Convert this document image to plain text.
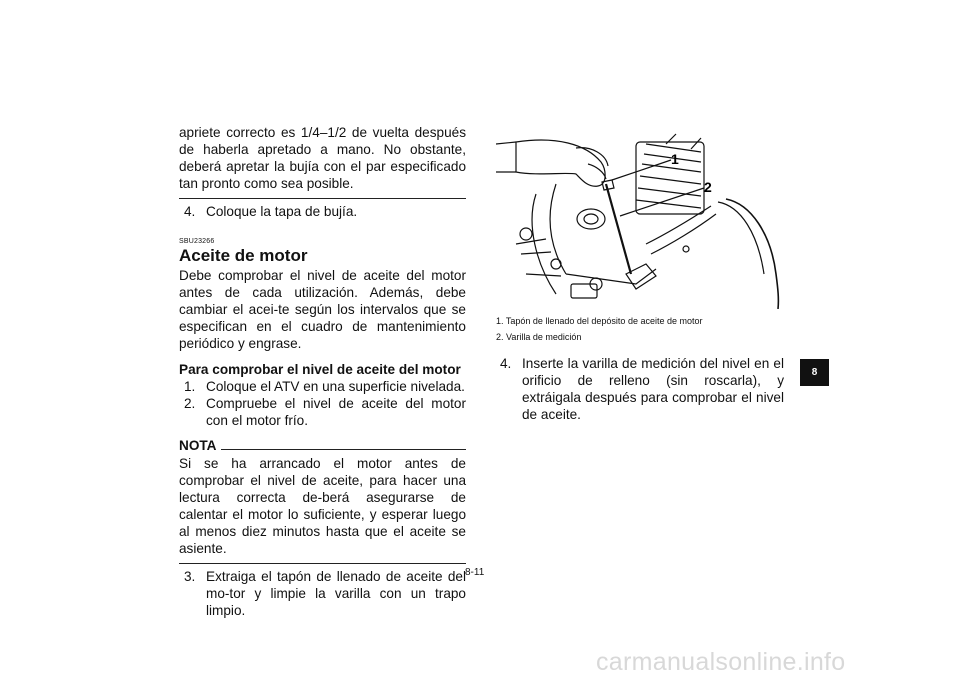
apriete correcto es 1/4–1/2 de vuelta después de haberla apretado a mano. No obstante, deberá apretar la bujía con el par especificado tan pronto como sea posible.

4. Coloque la tapa de bujía.

SBU23266
Aceite de motor

Debe comprobar el nivel de aceite del motor antes de cada utilización. Además, debe cambiar el acei-te según los intervalos que se especifican en el cuadro de mantenimiento periódico y engrase.

Para comprobar el nivel de aceite del motor

1. Coloque el ATV en una superficie nivelada.

2. Compruebe el nivel de aceite del motor con el motor frío.

NOTA

Si se ha arrancado el motor antes de comprobar el nivel de aceite, para hacer una lectura correcta de-berá asegurarse de calentar el motor lo suficiente, y esperar luego al menos diez minutos hasta que el aceite se asiente.

3. Extraiga el tapón de llenado de aceite del mo-tor y limpie la varilla con un trapo limpio.

1
2
1. Tapón de llenado del depósito de aceite de motor
2. Varilla de medición

4. Inserte la varilla de medición del nivel en el orificio de relleno (sin roscarla), y extráigala después para comprobar el nivel de aceite.

8-11
8
carmanualsonline.info
